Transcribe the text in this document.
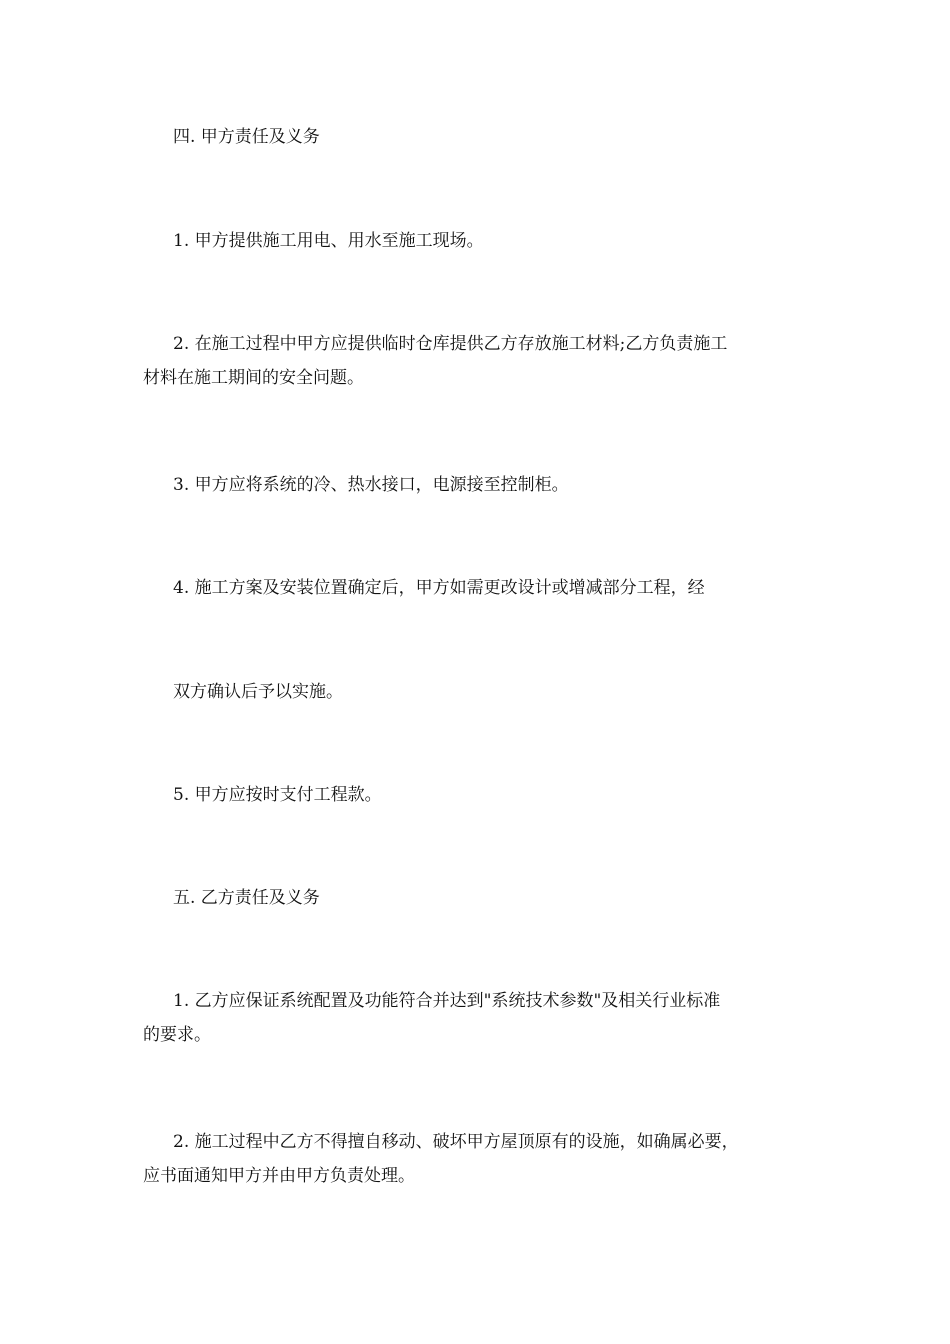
四. 甲方责任及义务
1. 甲方提供施工用电、用水至施工现场。
2. 在施工过程中甲方应提供临时仓库提供乙方存放施工材料;乙方负责施工
材料在施工期间的安全问题。
3. 甲方应将系统的冷、热水接口，电源接至控制柜。
4. 施工方案及安装位置确定后，甲方如需更改设计或增减部分工程，经
双方确认后予以实施。
5. 甲方应按时支付工程款。
五. 乙方责任及义务
1. 乙方应保证系统配置及功能符合并达到"系统技术参数"及相关行业标准
的要求。
2. 施工过程中乙方不得擅自移动、破坏甲方屋顶原有的设施，如确属必要，
应书面通知甲方并由甲方负责处理。
